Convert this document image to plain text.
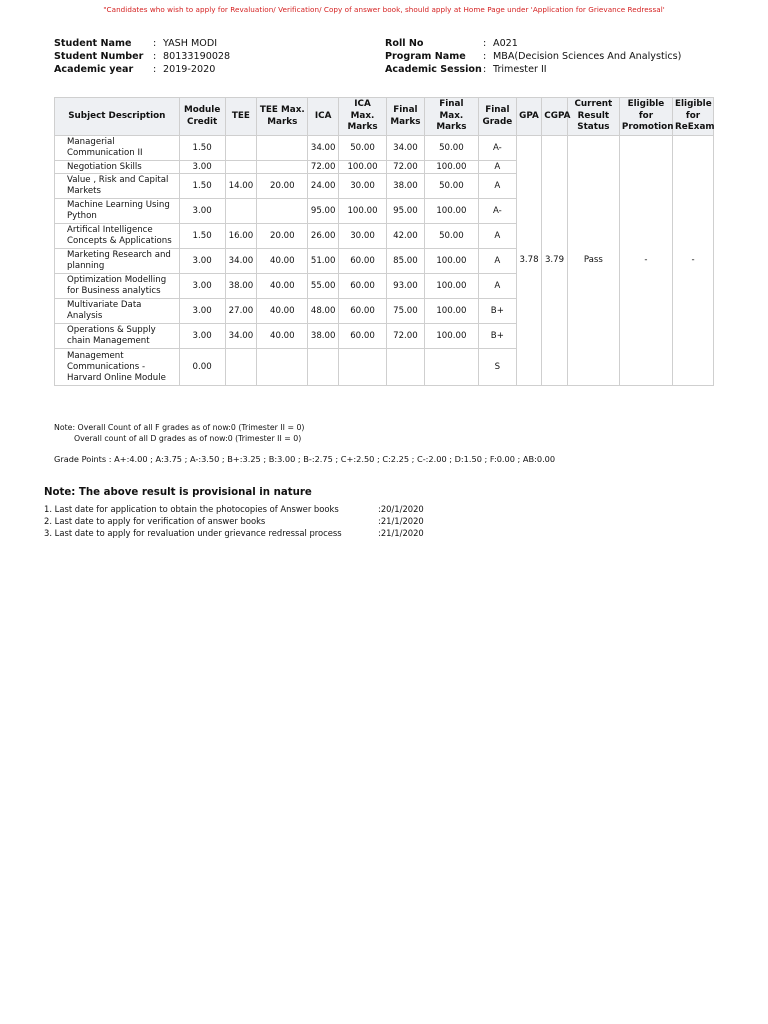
"Candidates who wish to apply for Revaluation/ Verification/ Copy of answer book, should apply at Home Page under 'Application for Grievance Redressal'
Student Name	: YASH MODI
Student Number : 80133190028
Academic year	: 2019-2020
Roll No	: A021
Program Name	: MBA(Decision Sciences And Analystics)
Academic Session : Trimester II
Subject Description	Module Credit	TEE	TEE Max. Marks	ICA	ICA Max. Marks	Final Marks	Final Max. Marks	Final Grade	GPA	CGPA	Current Result Status	Eligible for Promotion	Eligible for ReExam
Managerial Communication II	1.50			34.00	50.00	34.00	50.00	A-	3.78	3.79	Pass	-	-
Negotiation Skills	3.00			72.00	100.00	72.00	100.00	A					
Value , Risk and Capital Markets	1.50	14.00	20.00	24.00	30.00	38.00	50.00	A					
Machine Learning Using Python	3.00			95.00	100.00	95.00	100.00	A-					
Artifical Intelligence Concepts & Applications	1.50	16.00	20.00	26.00	30.00	42.00	50.00	A					
Marketing Research and planning	3.00	34.00	40.00	51.00	60.00	85.00	100.00	A					
Optimization Modelling for Business analytics	3.00	38.00	40.00	55.00	60.00	93.00	100.00	A					
Multivariate Data Analysis	3.00	27.00	40.00	48.00	60.00	75.00	100.00	B+					
Operations & Supply chain Management	3.00	34.00	40.00	38.00	60.00	72.00	100.00	B+					
Management Communications - Harvard Online Module	0.00							S					
Note: Overall Count of all F grades as of now:0 (Trimester II = 0)
Overall count of all D grades as of now:0 (Trimester II = 0)
Grade Points : A+:4.00 ; A:3.75 ; A-:3.50 ; B+:3.25 ; B:3.00 ; B-:2.75 ; C+:2.50 ; C:2.25 ; C-:2.00 ; D:1.50 ; F:0.00 ; AB:0.00
Note: The above result is provisional in nature
1. Last date for application to obtain the photocopies of Answer books	:20/1/2020
2. Last date to apply for verification of answer books	:21/1/2020
3. Last date to apply for revaluation under grievance redressal process	:21/1/2020
